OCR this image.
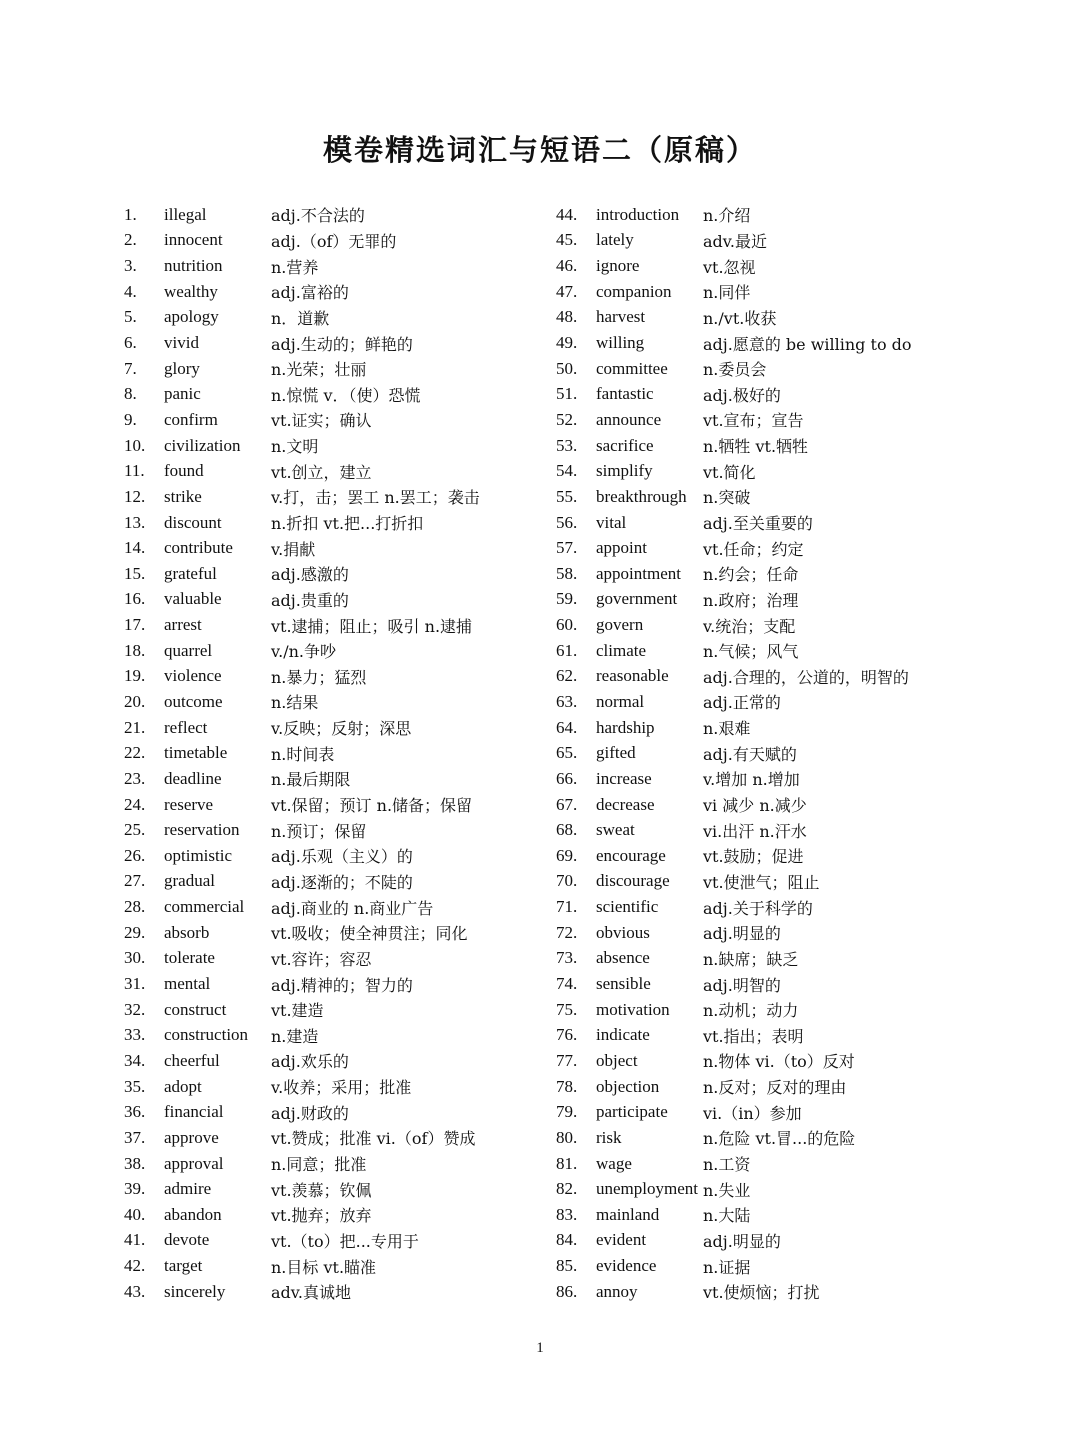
模卷精选词汇与短语二（原稿）
1.	illegal	adj.不合法的
2.	innocent	adj.（of）无罪的
3.	nutrition	n.营养
4.	wealthy	adj.富裕的
5.	apology	n．道歉
6.	vivid	adj.生动的；鲜艳的
7.	glory	n.光荣；壮丽
8.	panic	n.惊慌 v．（使）恐慌
9.	confirm	vt.证实；确认
10.	civilization	n.文明
11.	found	vt.创立，建立
12.	strike	v.打，击；罢工 n.罢工；袭击
13.	discount	n.折扣 vt.把...打折扣
14.	contribute	v.捐献
15.	grateful	adj.感激的
16.	valuable	adj.贵重的
17.	arrest	vt.逮捕；阻止；吸引 n.逮捕
18.	quarrel	v./n.争吵
19.	violence	n.暴力；猛烈
20.	outcome	n.结果
21.	reflect	v.反映；反射；深思
22.	timetable	n.时间表
23.	deadline	n.最后期限
24.	reserve	vt.保留；预订 n.储备；保留
25.	reservation	n.预订；保留
26.	optimistic	adj.乐观（主义）的
27.	gradual	adj.逐渐的；不陡的
28.	commercial	adj.商业的 n.商业广告
29.	absorb	vt.吸收；使全神贯注；同化
30.	tolerate	vt.容许；容忍
31.	mental	adj.精神的；智力的
32.	construct	vt.建造
33.	construction	n.建造
34.	cheerful	adj.欢乐的
35.	adopt	v.收养；采用；批准
36.	financial	adj.财政的
37.	approve	vt.赞成；批准 vi.（of）赞成
38.	approval	n.同意；批准
39.	admire	vt.羡慕；钦佩
40.	abandon	vt.抛弃；放弃
41.	devote	vt.（to）把...专用于
42.	target	n.目标 vt.瞄准
43.	sincerely	adv.真诚地
44.	introduction	n.介绍
45.	lately	adv.最近
46.	ignore	vt.忽视
47.	companion	n.同伴
48.	harvest	n./vt.收获
49.	willing	adj.愿意的 be willing to do
50.	committee	n.委员会
51.	fantastic	adj.极好的
52.	announce	vt.宣布；宣告
53.	sacrifice	n.牺牲 vt.牺牲
54.	simplify	vt.简化
55.	breakthrough	n.突破
56.	vital	adj.至关重要的
57.	appoint	vt.任命；约定
58.	appointment	n.约会；任命
59.	government	n.政府；治理
60.	govern	v.统治；支配
61.	climate	n.气候；风气
62.	reasonable	adj.合理的，公道的，明智的
63.	normal	adj.正常的
64.	hardship	n.艰难
65.	gifted	adj.有天赋的
66.	increase	v.增加 n.增加
67.	decrease	vi 减少 n.减少
68.	sweat	vi.出汗 n.汗水
69.	encourage	vt.鼓励；促进
70.	discourage	vt.使泄气；阻止
71.	scientific	adj.关于科学的
72.	obvious	adj.明显的
73.	absence	n.缺席；缺乏
74.	sensible	adj.明智的
75.	motivation	n.动机；动力
76.	indicate	vt.指出；表明
77.	object	n.物体 vi.（to）反对
78.	objection	n.反对；反对的理由
79.	participate	vi.（in）参加
80.	risk	n.危险 vt.冒...的危险
81.	wage	n.工资
82.	unemployment n.失业
83.	mainland	n.大陆
84.	evident	adj.明显的
85.	evidence	n.证据
86.	annoy	vt.使烦恼；打扰
1
